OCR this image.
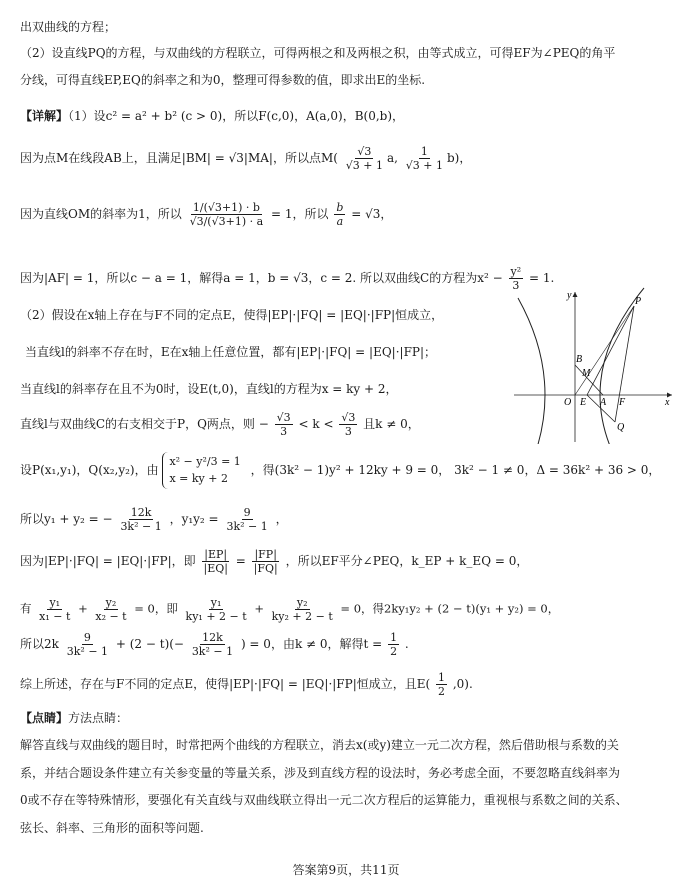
出双曲线的方程；
（2）设直线PQ的方程，与双曲线的方程联立，可得两根之和及两根之积，由等式成立，可得EF为∠PEQ的角平
分线，可得直线EP,EQ的斜率之和为0，整理可得参数的值，即求出E的坐标.
【详解】（1）设c² = a² + b² (c > 0)，所以F(c,0)，A(a,0)，B(0,b)，
因为点M在线段AB上，且满足|BM| = √3|MA|，所以点$M( \frac{√3}{√3 + 1} a$, $\frac{1}{√3 + 1} b$)，
因为直线OM的斜率为1，所以 $\frac{1/(√3+1) \cdot b}{√3/(√3+1) \cdot a} = 1$，所以 $\frac{b}{a} = √3$，
因为|AF| = 1，所以c − a = 1，解得a = 1，b = √3，c = 2. 所以双曲线C的方程为$x^2 - \frac{\text{y²}}{3} = 1$.
（2）假设在x轴上存在与F不同的定点E，使得|EP|·|FQ| = |EQ|·|FP|恒成立，
当直线l的斜率不存在时，E在x轴上任意位置，都有|EP|·|FQ| = |EQ|·|FP|；
当直线l的斜率存在且不为0时，设E(t,0)，直线l的方程为x = ky + 2，
直线l与双曲线C的右支相交于P，Q两点，则 − $\frac{√3}{3} < k < \frac{√3}{3}$ 且k ≠ 0，
设P(x₁,y₁)，Q(x₂,y₂)，由 x² − y²/3 = 1
x = ky + 2 ，得(3k² − 1)y² + 12ky + 9 = 0， 3k² − 1 ≠ 0，Δ = 36k² + 36 > 0，
所以y₁ + y₂ = − $\frac{12k}{\text{3k² − 1}}$ ，$y_1y_2 = \frac{9}{\text{3k² − 1}}$ ，
因为|EP|·|FQ| = |EQ|·|FP|，即 $\frac{|EP|}{|EQ|} = \frac{|FP|}{|FQ|}$ ，所以EF平分∠PEQ，k_EP + k_EQ = 0，
有 $\frac{\text{y₁}}{\text{x₁ − t}} + \frac{\text{y₂}}{\text{x₂ − t}} = 0$，即 $\frac{\text{y₁}}{\text{ky₁ + 2 − t}} + \frac{\text{y₂}}{\text{ky₂ + 2 − t}} = 0$，得2ky₁y₂ + (2 − t)(y₁ + y₂) = 0，
所以$2k \frac{9}{\text{3k² − 1}} + (2 - t)(- \frac{12k}{\text{3k² − 1}}$ ) = 0，由k ≠ 0，解得$t = \frac{1}{2}$ .
综上所述，存在与F不同的定点E，使得|EP|·|FQ| = |EQ|·|FP|恒成立，且$E( \frac{1}{2} ,0)$.
【点睛】方法点睛：
解答直线与双曲线的题目时，时常把两个曲线的方程联立，消去x(或y)建立一元二次方程，然后借助根与系数的关
系，并结合题设条件建立有关参变量的等量关系，涉及到直线方程的设法时，务必考虑全面，不要忽略直线斜率为
0或不存在等特殊情形，要强化有关直线与双曲线联立得出一元二次方程后的运算能力，重视根与系数之间的关系、
弦长、斜率、三角形的面积等问题.
y
x
P
B
M
O E A F
Q
答案第9页，共11页
